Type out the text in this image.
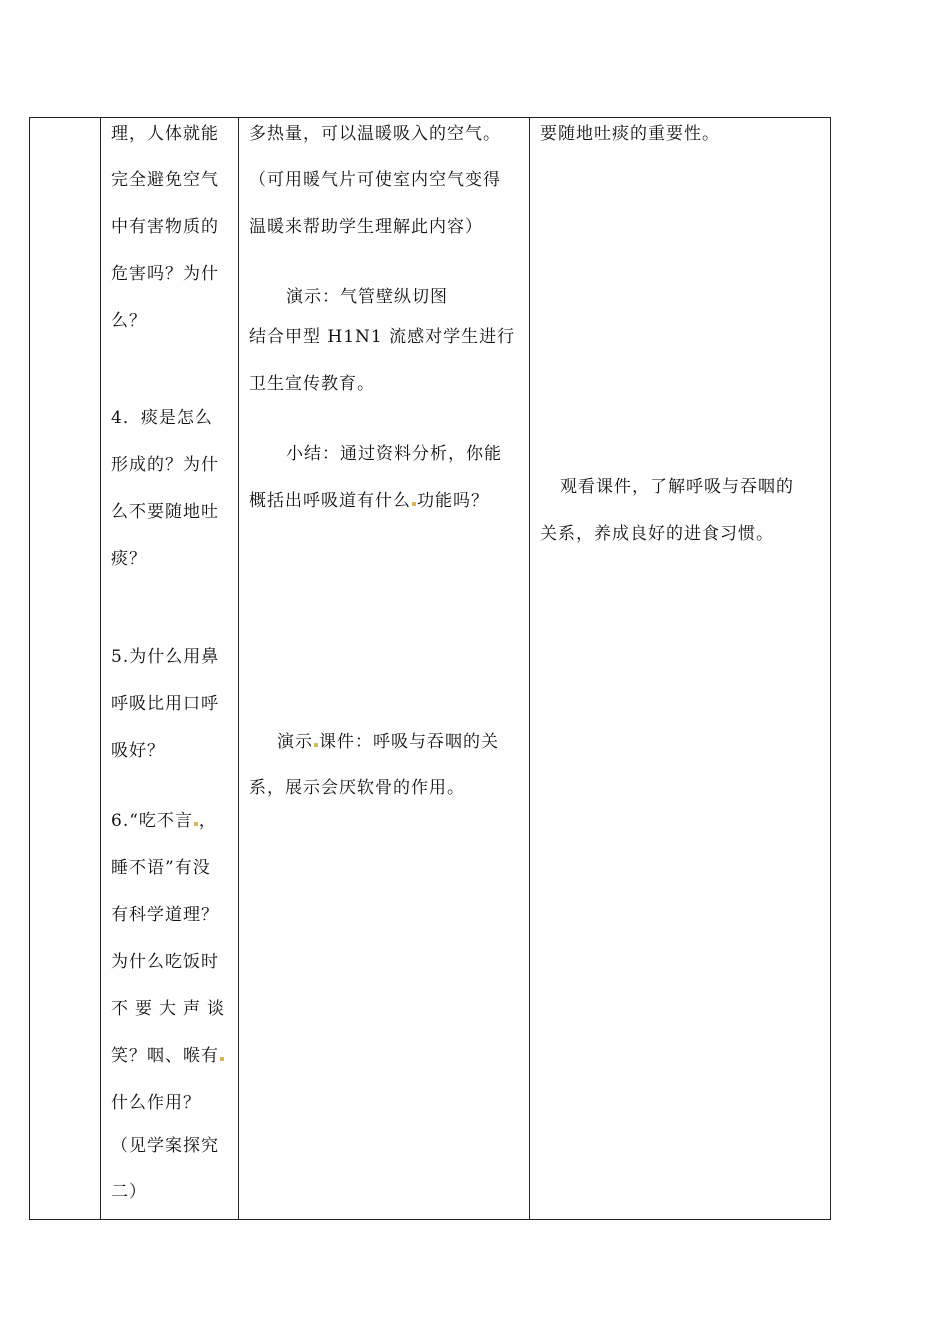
理，人体就能
完全避免空气
中有害物质的
危害吗？为什
么？
4．痰是怎么
形成的？为什
么不要随地吐
痰？
5.为什么用鼻
呼吸比用口呼
吸好？
6.“吃不言 ，
睡不语”有没
有科学道理？
为什么吃饭时
不要大声谈
笑？咽、喉有
什么作用？
（见学案探究
二）

多热量，可以温暖吸入的空气。
（可用暖气片可使室内空气变得
温暖来帮助学生理解此内容）
演示：气管壁纵切图
结合甲型 H1N1 流感对学生进行
卫生宣传教育。
小结：通过资料分析，你能
概括出呼吸道有什么 功能吗？
演示 课件：呼吸与吞咽的关
系，展示会厌软骨的作用。

要随地吐痰的重要性。
观看课件，了解呼吸与吞咽的
关系，养成良好的进食习惯。
